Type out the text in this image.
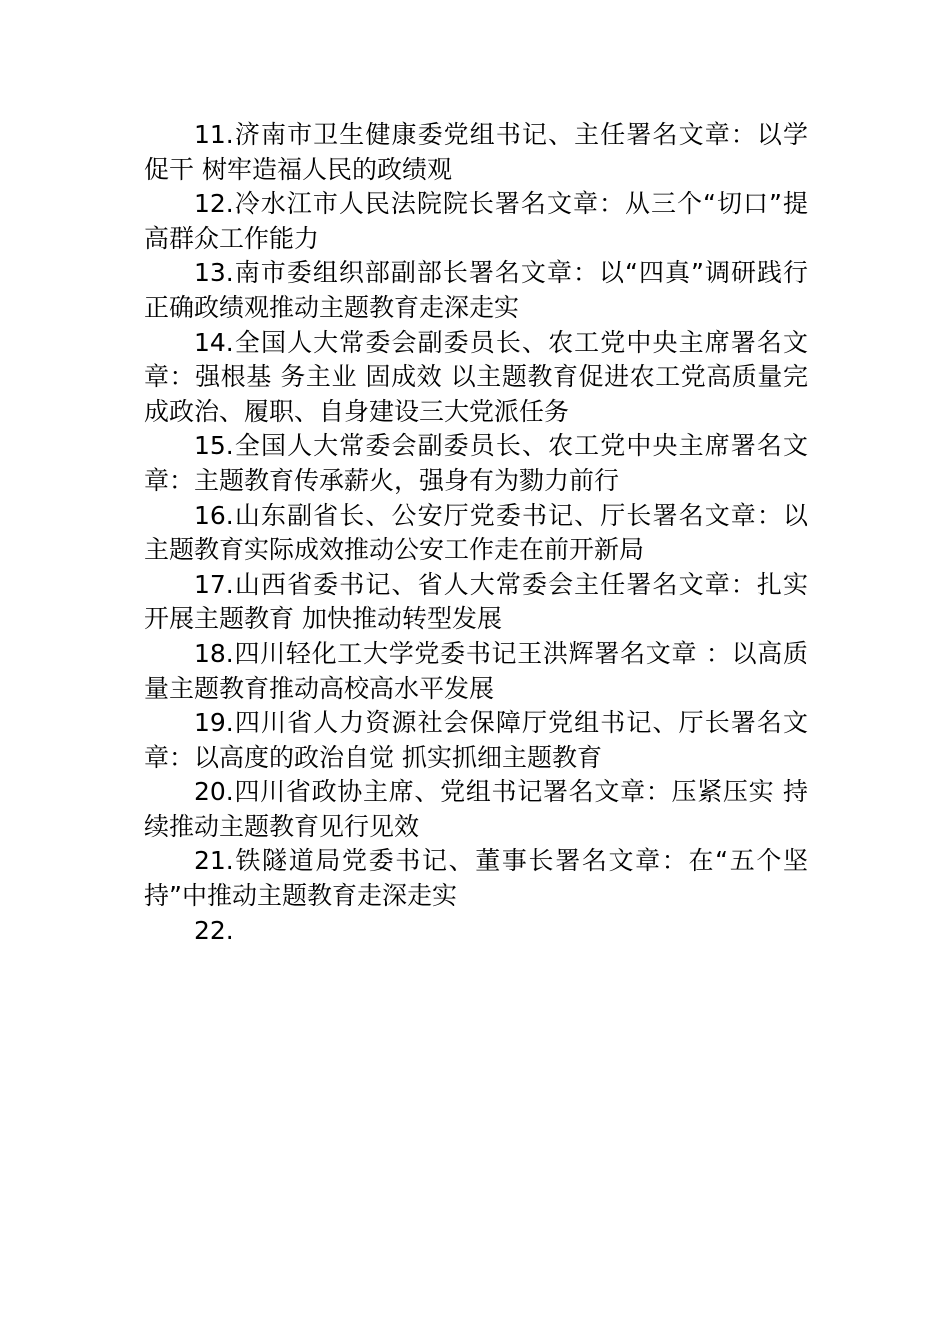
11.济南市卫生健康委党组书记、主任署名文章：以学促干 树牢造福人民的政绩观

12.冷水江市人民法院院长署名文章：从三个“切口”提高群众工作能力

13.南市委组织部副部长署名文章：以“四真”调研践行正确政绩观推动主题教育走深走实

14.全国人大常委会副委员长、农工党中央主席署名文章：强根基 务主业 固成效 以主题教育促进农工党高质量完成政治、履职、自身建设三大党派任务

15.全国人大常委会副委员长、农工党中央主席署名文章：主题教育传承薪火，强身有为勠力前行

16.山东副省长、公安厅党委书记、厅长署名文章：以主题教育实际成效推动公安工作走在前开新局

17.山西省委书记、省人大常委会主任署名文章：扎实开展主题教育 加快推动转型发展

18.四川轻化工大学党委书记王洪辉署名文章 ：以高质量主题教育推动高校高水平发展

19.四川省人力资源社会保障厅党组书记、厅长署名文章：以高度的政治自觉 抓实抓细主题教育

20.四川省政协主席、党组书记署名文章：压紧压实 持续推动主题教育见行见效

21.铁隧道局党委书记、董事长署名文章：在“五个坚持”中推动主题教育走深走实

22.
